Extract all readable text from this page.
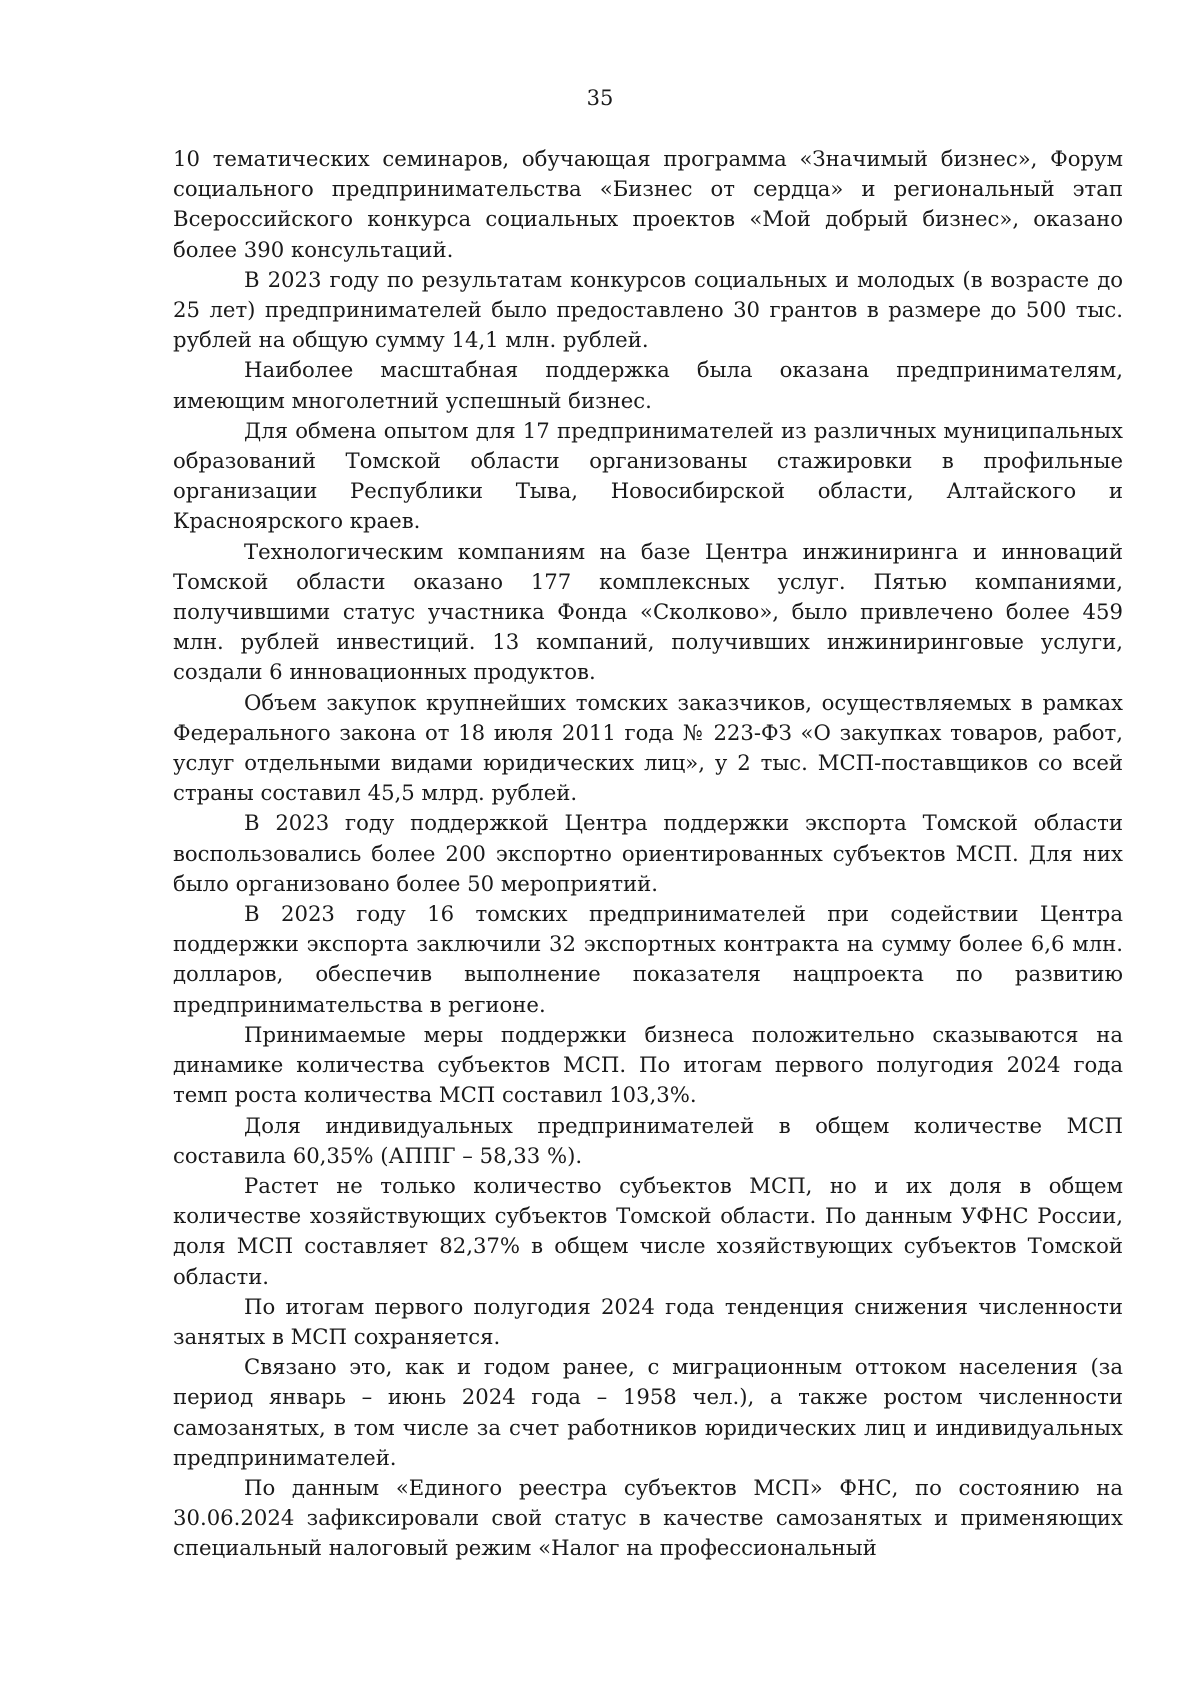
35

10 тематических семинаров, обучающая программа «Значимый бизнес», Форум социального предпринимательства «Бизнес от сердца» и региональный этап Всероссийского конкурса социальных проектов «Мой добрый бизнес», оказано более 390 консультаций.

В 2023 году по результатам конкурсов социальных и молодых (в возрасте до 25 лет) предпринимателей было предоставлено 30 грантов в размере до 500 тыс. рублей на общую сумму 14,1 млн. рублей.

Наиболее масштабная поддержка была оказана предпринимателям, имеющим многолетний успешный бизнес.

Для обмена опытом для 17 предпринимателей из различных муниципальных образований Томской области организованы стажировки в профильные организации Республики Тыва, Новосибирской области, Алтайского и Красноярского краев.

Технологическим компаниям на базе Центра инжиниринга и инноваций Томской области оказано 177 комплексных услуг. Пятью компаниями, получившими статус участника Фонда «Сколково», было привлечено более 459 млн. рублей инвестиций. 13 компаний, получивших инжиниринговые услуги, создали 6 инновационных продуктов.

Объем закупок крупнейших томских заказчиков, осуществляемых в рамках Федерального закона от 18 июля 2011 года № 223-ФЗ «О закупках товаров, работ, услуг отдельными видами юридических лиц», у 2 тыс. МСП-поставщиков со всей страны составил 45,5 млрд. рублей.

В 2023 году поддержкой Центра поддержки экспорта Томской области воспользовались более 200 экспортно ориентированных субъектов МСП. Для них было организовано более 50 мероприятий.

В 2023 году 16 томских предпринимателей при содействии Центра поддержки экспорта заключили 32 экспортных контракта на сумму более 6,6 млн. долларов, обеспечив выполнение показателя нацпроекта по развитию предпринимательства в регионе.

Принимаемые меры поддержки бизнеса положительно сказываются на динамике количества субъектов МСП. По итогам первого полугодия 2024 года темп роста количества МСП составил 103,3%.

Доля индивидуальных предпринимателей в общем количестве МСП составила 60,35% (АППГ – 58,33 %).

Растет не только количество субъектов МСП, но и их доля в общем количестве хозяйствующих субъектов Томской области. По данным УФНС России, доля МСП составляет 82,37% в общем числе хозяйствующих субъектов Томской области.

По итогам первого полугодия 2024 года тенденция снижения численности занятых в МСП сохраняется.

Связано это, как и годом ранее, с миграционным оттоком населения (за период январь – июнь 2024 года – 1958 чел.), а также ростом численности самозанятых, в том числе за счет работников юридических лиц и индивидуальных предпринимателей.

По данным «Единого реестра субъектов МСП» ФНС, по состоянию на 30.06.2024 зафиксировали свой статус в качестве самозанятых и применяющих специальный налоговый режим «Налог на профессиональный
